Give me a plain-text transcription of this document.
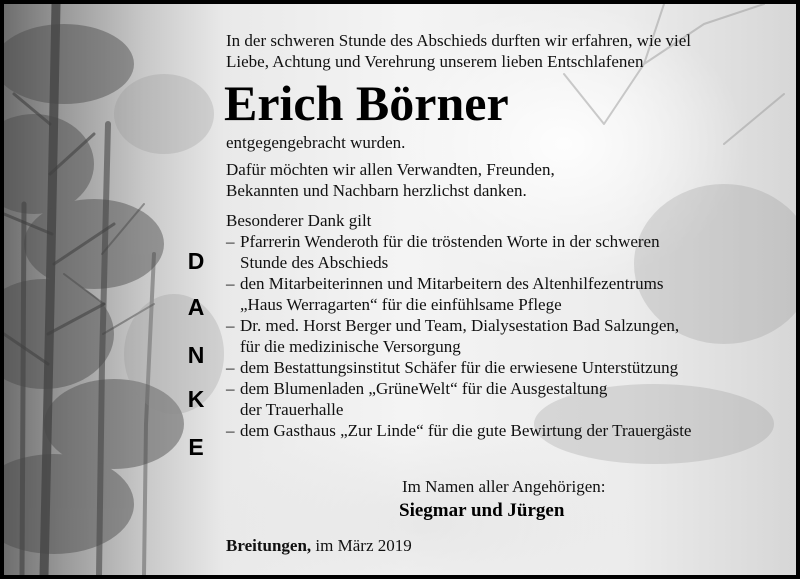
In der schweren Stunde des Abschieds durften wir erfahren, wie viel
Liebe, Achtung und Verehrung unserem lieben Entschlafenen
Erich Börner
entgegengebracht wurden.
Dafür möchten wir allen Verwandten, Freunden,
Bekannten und Nachbarn herzlichst danken.
Besonderer Dank gilt
– Pfarrerin Wenderoth für die tröstenden Worte in der schweren
Stunde des Abschieds
– den Mitarbeiterinnen und Mitarbeitern des Altenhilfezentrums
„Haus Werragarten“ für die einfühlsame Pflege
– Dr. med. Horst Berger und Team, Dialysestation Bad Salzungen,
für die medizinische Versorgung
– dem Bestattungsinstitut Schäfer für die erwiesene Unterstützung
– dem Blumenladen „GrüneWelt“ für die Ausgestaltung
der Trauerhalle
– dem Gasthaus „Zur Linde“ für die gute Bewirtung der Trauergäste
D
A
N
K
E
Im Namen aller Angehörigen:
Siegmar und Jürgen
Breitungen, im März 2019
